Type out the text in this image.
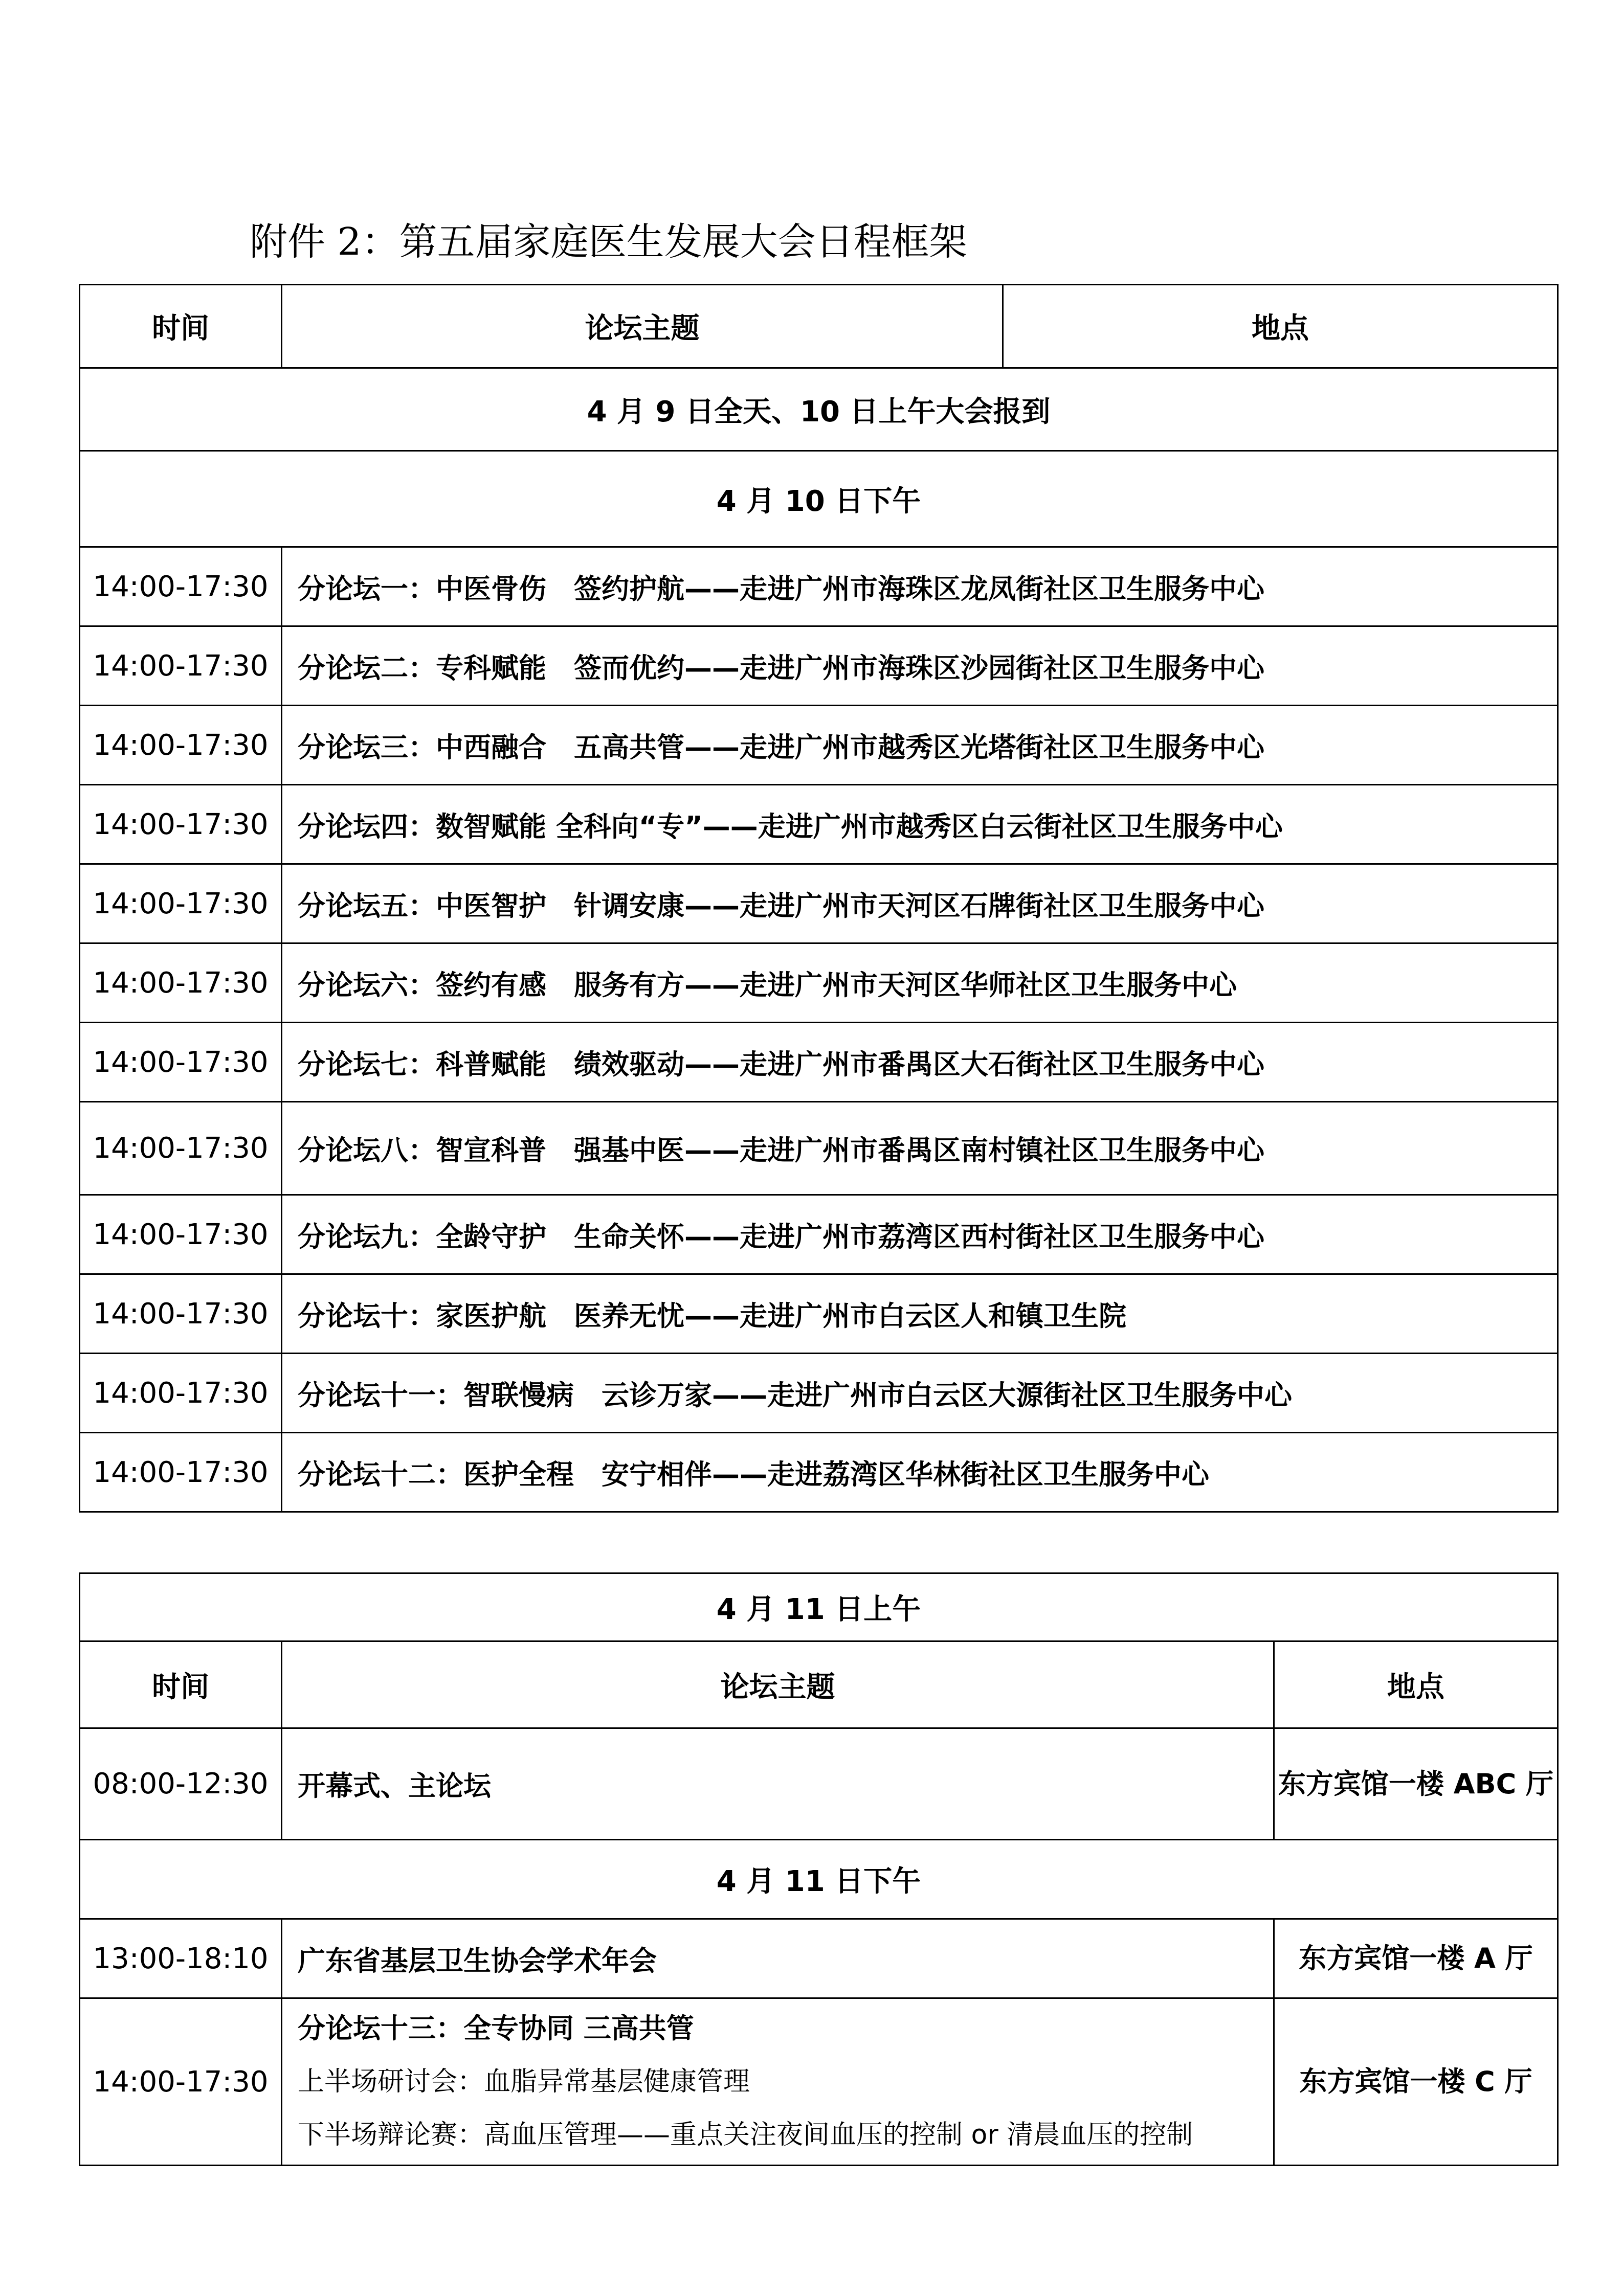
附件 2：第五届家庭医生发展大会日程框架
时间	论坛主题	地点
4 月 9 日全天、10 日上午大会报到		
4 月 10 日下午		
14:00-17:30	分论坛一：中医骨伤　签约护航——走进广州市海珠区龙凤街社区卫生服务中心	
14:00-17:30	分论坛二：专科赋能　签而优约——走进广州市海珠区沙园街社区卫生服务中心	
14:00-17:30	分论坛三：中西融合　五高共管——走进广州市越秀区光塔街社区卫生服务中心	
14:00-17:30	分论坛四：数智赋能 全科向“专”——走进广州市越秀区白云街社区卫生服务中心	
14:00-17:30	分论坛五：中医智护　针调安康——走进广州市天河区石牌街社区卫生服务中心	
14:00-17:30	分论坛六：签约有感　服务有方——走进广州市天河区华师社区卫生服务中心	
14:00-17:30	分论坛七：科普赋能　绩效驱动——走进广州市番禺区大石街社区卫生服务中心	
14:00-17:30	分论坛八：智宣科普　强基中医——走进广州市番禺区南村镇社区卫生服务中心	
14:00-17:30	分论坛九：全龄守护　生命关怀——走进广州市荔湾区西村街社区卫生服务中心	
14:00-17:30	分论坛十：家医护航　医养无忧——走进广州市白云区人和镇卫生院	
14:00-17:30	分论坛十一：智联慢病　云诊万家——走进广州市白云区大源街社区卫生服务中心	
14:00-17:30	分论坛十二：医护全程　安宁相伴——走进荔湾区华林街社区卫生服务中心	
4 月 11 日上午		
时间	论坛主题	地点
08:00-12:30	开幕式、主论坛	东方宾馆一楼 ABC 厅
4 月 11 日下午		
13:00-18:10	广东省基层卫生协会学术年会	东方宾馆一楼 A 厅
14:00-17:30	分论坛十三：全专协同 三高共管
上半场研讨会：血脂异常基层健康管理
下半场辩论赛：高血压管理——重点关注夜间血压的控制 or 清晨血压的控制	东方宾馆一楼 C 厅
